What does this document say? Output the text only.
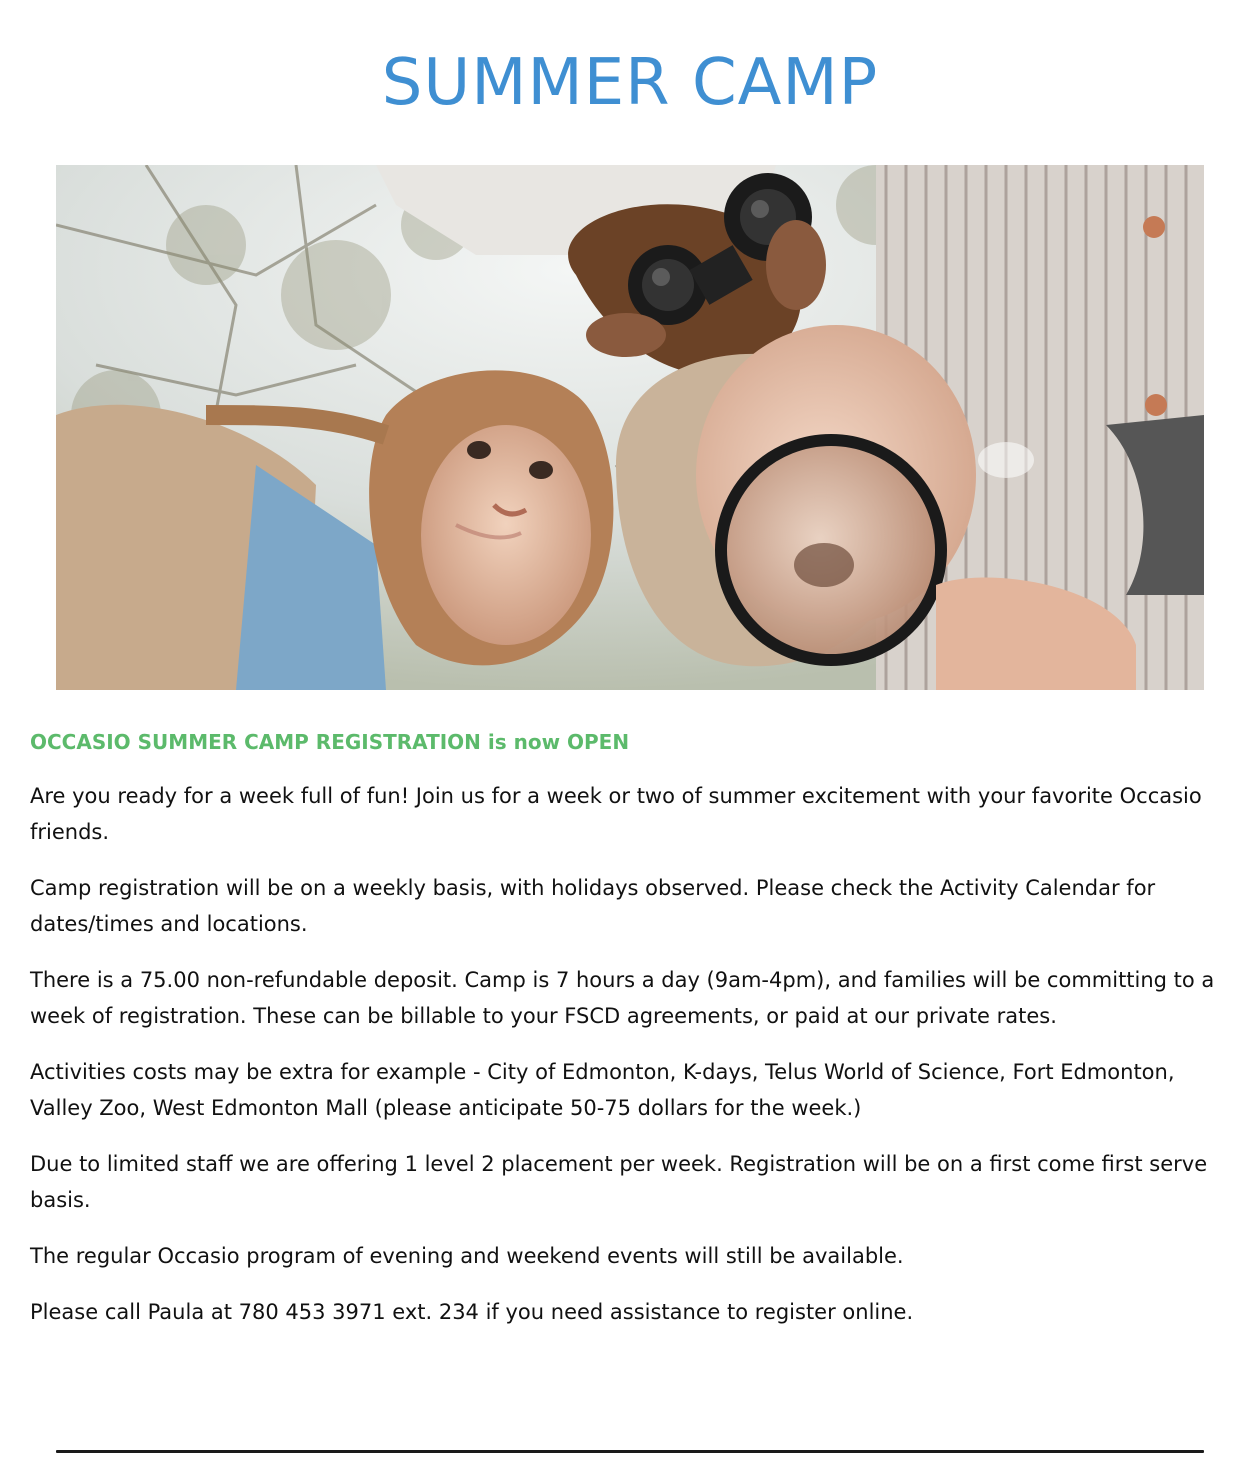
SUMMER CAMP

OCCASIO SUMMER CAMP REGISTRATION is now OPEN

Are you ready for a week full of fun! Join us for a week or two of summer excitement with your favorite Occasio friends.

Camp registration will be on a weekly basis, with holidays observed. Please check the Activity Calendar for dates/times and locations.

There is a 75.00 non-refundable deposit. Camp is 7 hours a day (9am-4pm), and families will be committing to a week of registration. These can be billable to your FSCD agreements, or paid at our private rates.

Activities costs may be extra for example - City of Edmonton, K-days, Telus World of Science, Fort Edmonton, Valley Zoo, West Edmonton Mall (please anticipate 50-75 dollars for the week.)

Due to limited staff we are offering 1 level 2 placement per week. Registration will be on a first come first serve basis.

The regular Occasio program of evening and weekend events will still be available.

Please call Paula at 780 453 3971 ext. 234 if you need assistance to register online.
